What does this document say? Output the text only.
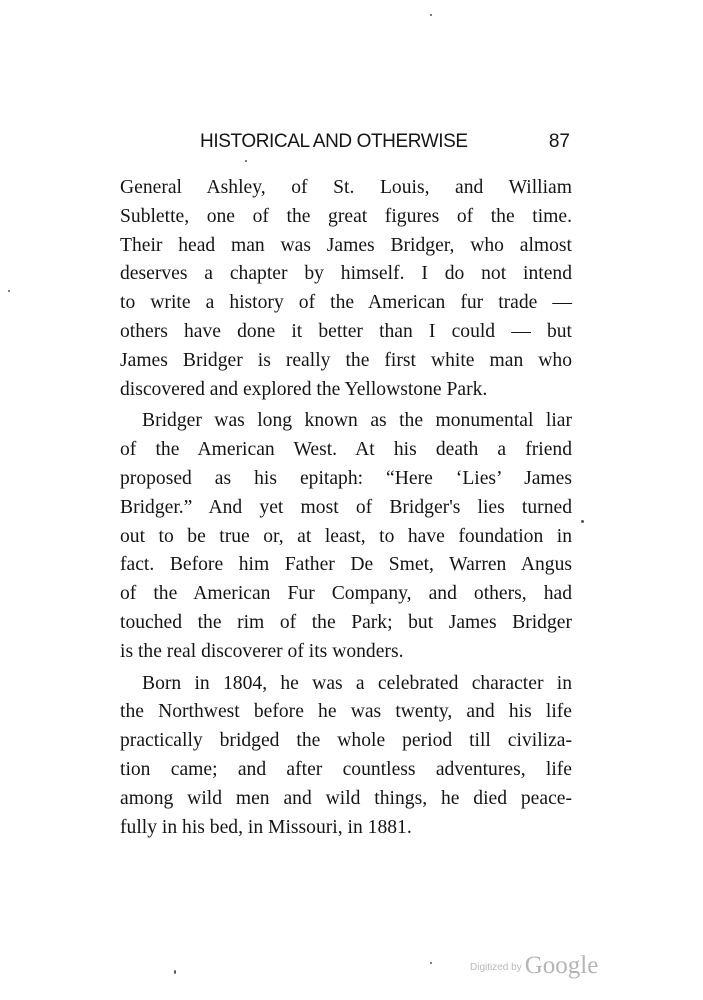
HISTORICAL AND OTHERWISE	87
General Ashley, of St. Louis, and William
Sublette, one of the great figures of the time.
Their head man was James Bridger, who almost
deserves a chapter by himself. I do not intend
to write a history of the American fur trade —
others have done it better than I could — but
James Bridger is really the first white man who
discovered and explored the Yellowstone Park.
Bridger was long known as the monumental liar
of the American West. At his death a friend
proposed as his epitaph: “Here ‘Lies’ James
Bridger.” And yet most of Bridger's lies turned
out to be true or, at least, to have foundation in
fact. Before him Father De Smet, Warren Angus
of the American Fur Company, and others, had
touched the rim of the Park; but James Bridger
is the real discoverer of its wonders.
Born in 1804, he was a celebrated character in
the Northwest before he was twenty, and his life
practically bridged the whole period till civiliza-
tion came; and after countless adventures, life
among wild men and wild things, he died peace-
fully in his bed, in Missouri, in 1881.
Digitized by Google
